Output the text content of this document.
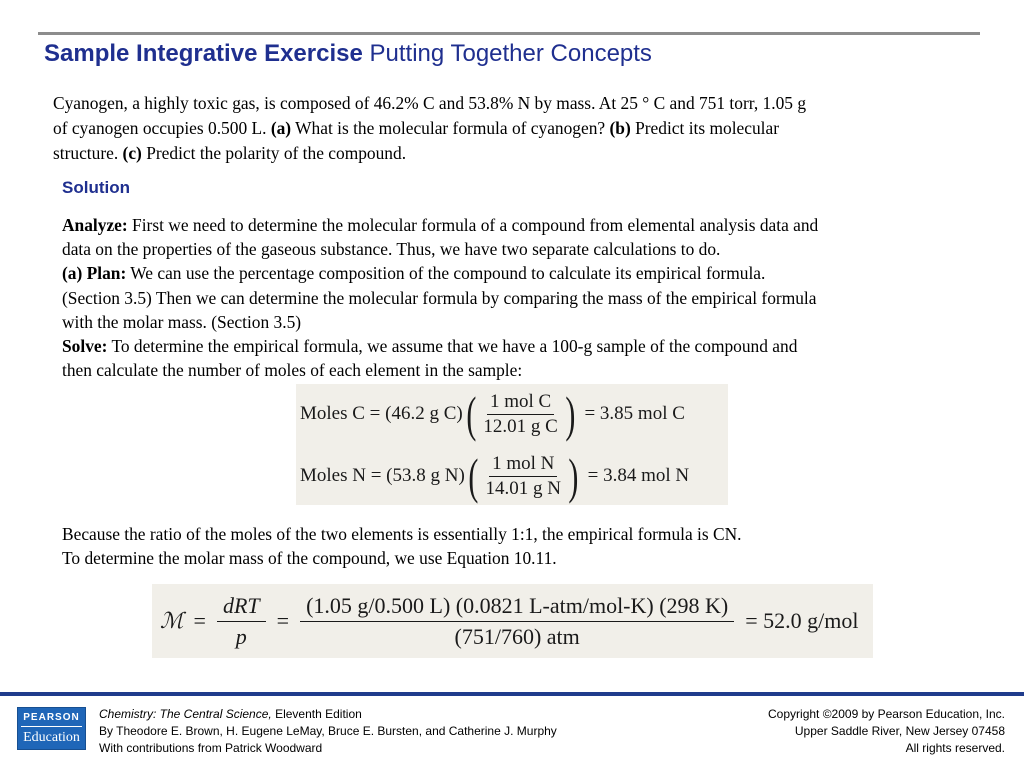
Sample Integrative Exercise Putting Together Concepts
Cyanogen, a highly toxic gas, is composed of 46.2% C and 53.8% N by mass. At 25 ° C and 751 torr, 1.05 g
of cyanogen occupies 0.500 L. (a) What is the molecular formula of cyanogen? (b) Predict its molecular
structure. (c) Predict the polarity of the compound.
Solution
Analyze: First we need to determine the molecular formula of a compound from elemental analysis data and
data on the properties of the gaseous substance. Thus, we have two separate calculations to do.
(a) Plan: We can use the percentage composition of the compound to calculate its empirical formula.
(Section 3.5) Then we can determine the molecular formula by comparing the mass of the empirical formula
with the molar mass. (Section 3.5)
Solve: To determine the empirical formula, we assume that we have a 100-g sample of the compound and
then calculate the number of moles of each element in the sample:
Moles C = (46.2 g C) ( $\frac{\text{1 mol C}}{\text{12.01 g C}}$ ) = 3.85 mol C
Moles N = (53.8 g N) ( $\frac{\text{1 mol N}}{\text{14.01 g N}}$ ) = 3.84 mol N
Because the ratio of the moles of the two elements is essentially 1:1, the empirical formula is CN.
To determine the molar mass of the compound, we use Equation 10.11.
ℳ = $\frac{\text{dRT}}{p} = \frac{\text{(1.05 g/0.500 L) (0.0821 L-atm/mol-K) (298 K)}}{\text{(751/760) atm}} = 52.0$ g/mol
PEARSON
Education
Chemistry: The Central Science, Eleventh Edition
By Theodore E. Brown, H. Eugene LeMay, Bruce E. Bursten, and Catherine J. Murphy
With contributions from Patrick Woodward
Copyright ©2009 by Pearson Education, Inc.
Upper Saddle River, New Jersey 07458
All rights reserved.
